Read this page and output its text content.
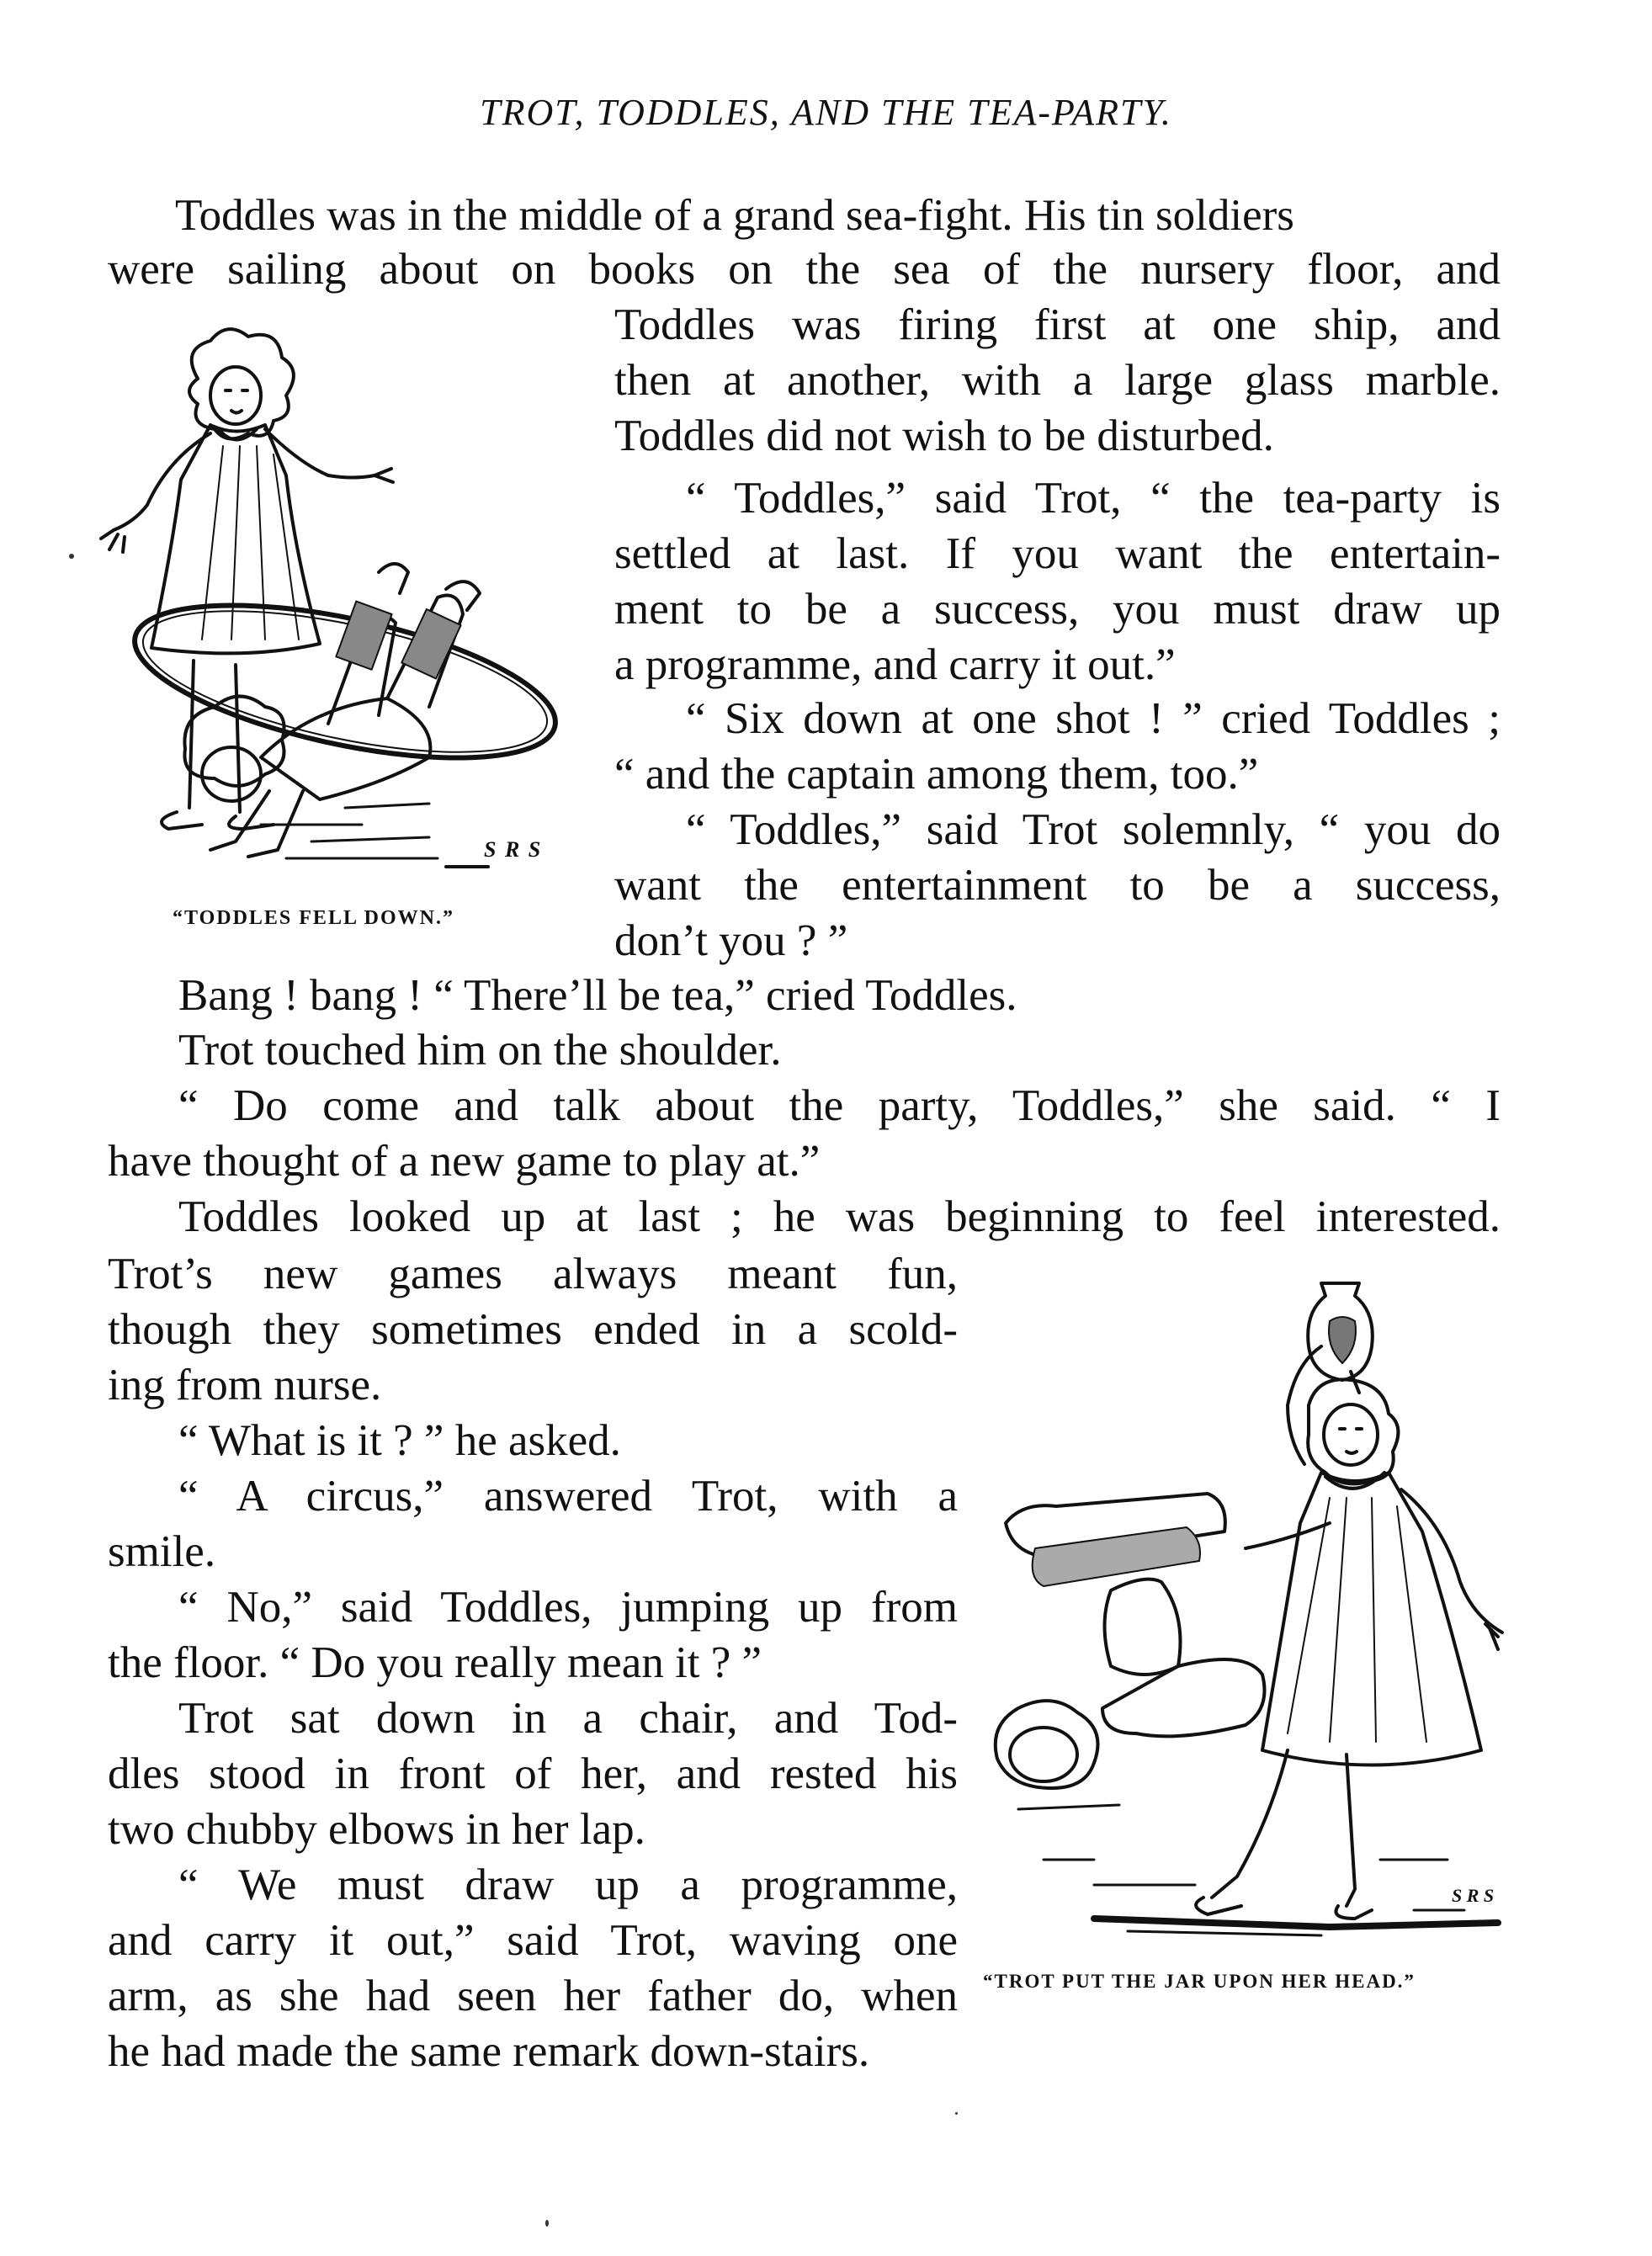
TROT, TODDLES, AND THE TEA-PARTY.
Toddles was in the middle of a grand sea-fight. His tin soldiers
were sailing about on books on the sea of the nursery floor, and
Toddles was firing first at one ship, and
then at another, with a large glass marble.
Toddles did not wish to be disturbed.
“ Toddles,” said Trot, “ the tea-party is
settled at last. If you want the entertain-
ment to be a success, you must draw up
a programme, and carry it out.”
“ Six down at one shot ! ” cried Toddles ;
“ and the captain among them, too.”
“ Toddles,” said Trot solemnly, “ you do
want the entertainment to be a success,
don’t you ? ”
Bang ! bang ! “ There’ll be tea,” cried Toddles.
Trot touched him on the shoulder.
“ Do come and talk about the party, Toddles,” she said. “ I
have thought of a new game to play at.”
Toddles looked up at last ; he was beginning to feel interested.
Trot’s new games always meant fun,
though they sometimes ended in a scold-
ing from nurse.
“ What is it ? ” he asked.
“ A circus,” answered Trot, with a
smile.
“ No,” said Toddles, jumping up from
the floor. “ Do you really mean it ? ”
Trot sat down in a chair, and Tod-
dles stood in front of her, and rested his
two chubby elbows in her lap.
“ We must draw up a programme,
and carry it out,” said Trot, waving one
arm, as she had seen her father do, when
he had made the same remark down-stairs.
S R S
“TODDLES FELL DOWN.”
S R S
“TROT PUT THE JAR UPON HER HEAD.”
